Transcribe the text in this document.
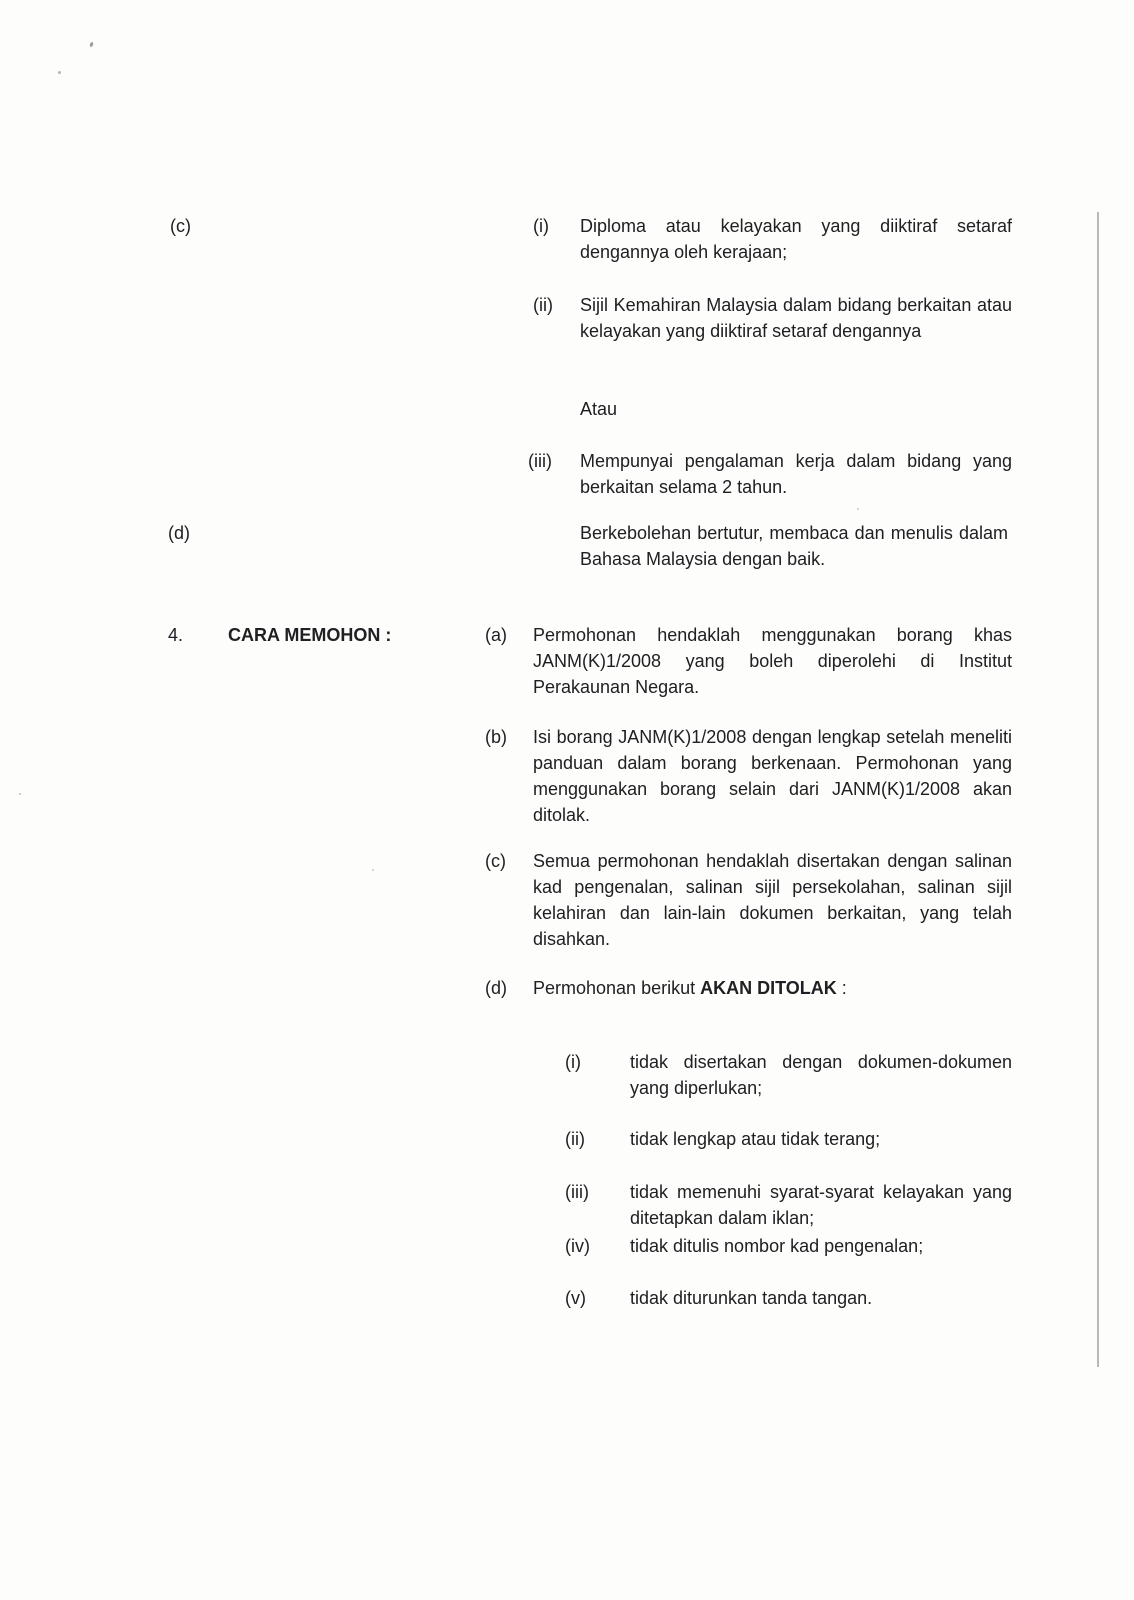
(c)	(i)	Diploma atau kelayakan yang diiktiraf setaraf dengannya oleh kerajaan;
(ii)	Sijil Kemahiran Malaysia dalam bidang berkaitan atau kelayakan yang diiktiraf setaraf dengannya
Atau
(iii)	Mempunyai pengalaman kerja dalam bidang yang berkaitan selama 2 tahun.
(d)	Berkebolehan bertutur, membaca dan menulis dalam Bahasa Malaysia dengan baik.
4. CARA MEMOHON :	(a)	Permohonan hendaklah menggunakan borang khas JANM(K)1/2008 yang boleh diperolehi di Institut Perakaunan Negara.
(b)	Isi borang JANM(K)1/2008 dengan lengkap setelah meneliti panduan dalam borang berkenaan. Permohonan yang menggunakan borang selain dari JANM(K)1/2008 akan ditolak.
(c)	Semua permohonan hendaklah disertakan dengan salinan kad pengenalan, salinan sijil persekolahan, salinan sijil kelahiran dan lain-lain dokumen berkaitan, yang telah disahkan.
(d)	Permohonan berikut AKAN DITOLAK :
(i)	tidak disertakan dengan dokumen-dokumen yang diperlukan;
(ii)	tidak lengkap atau tidak terang;
(iii)	tidak memenuhi syarat-syarat kelayakan yang ditetapkan dalam iklan;
(iv)	tidak ditulis nombor kad pengenalan;
(v)	tidak diturunkan tanda tangan.
